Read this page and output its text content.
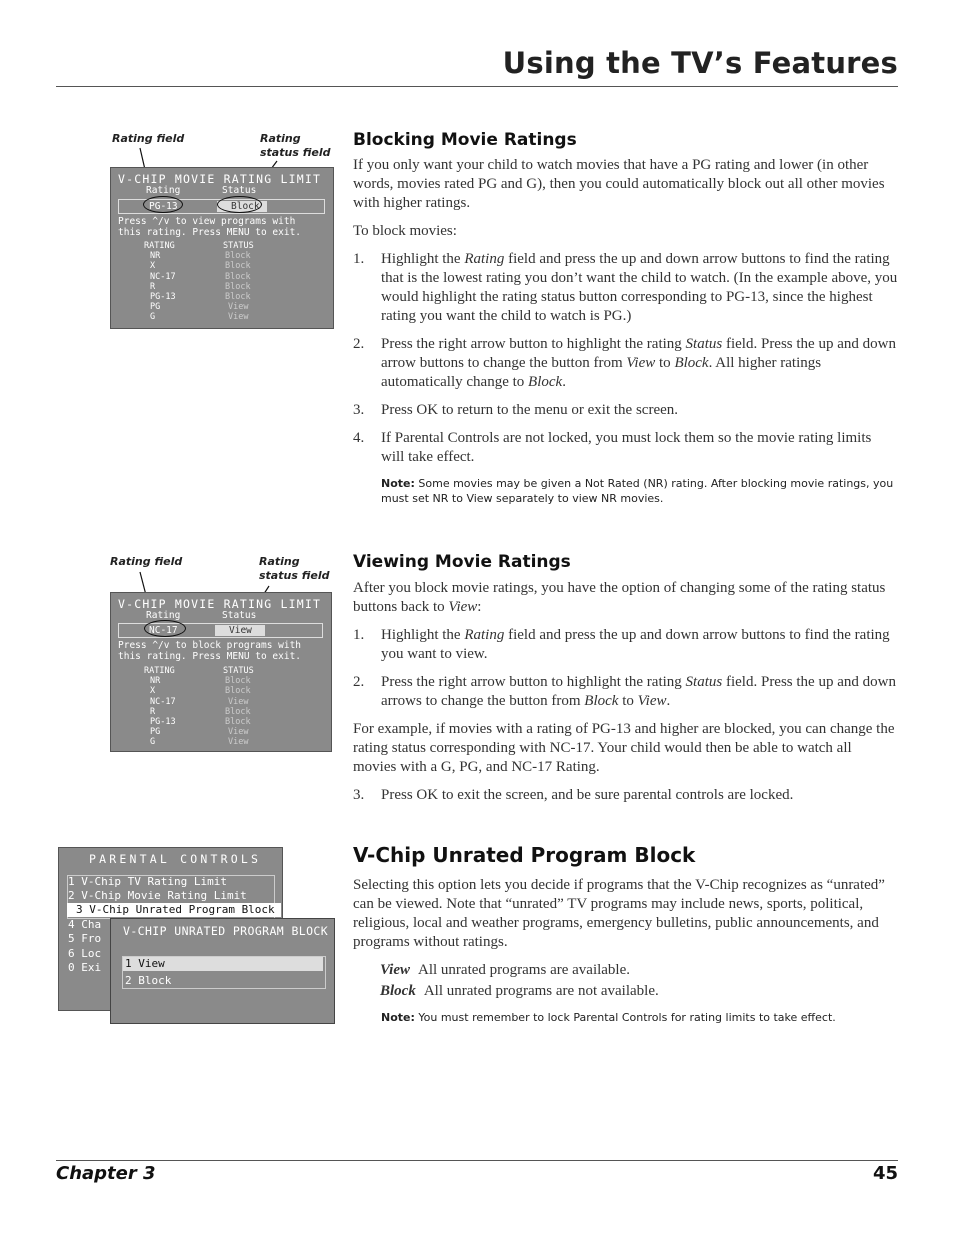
Using the TV’s Features
Rating field	Rating
status field
V-CHIP MOVIE RATING LIMIT
Rating	Status
PG-13	Block
Press ^/v to view programs with
this rating. Press MENU to exit.
RATING	STATUS
NR	Block
X	Block
NC-17	Block
R	Block
PG-13	Block
PG	View
G	View
Blocking Movie Ratings

If you only want your child to watch movies that have a PG rating and lower (in other words, movies rated PG and G), then you could automatically block out all other movies with higher ratings.

To block movies:

1. Highlight the Rating field and press the up and down arrow buttons to find the rating that is the lowest rating you don’t want the child to watch. (In the example above, you would highlight the rating status button corresponding to PG-13, since the highest rating you want the child to watch is PG.)
2. Press the right arrow button to highlight the rating Status field. Press the up and down arrow buttons to change the button from View to Block. All higher ratings automatically change to Block.
3. Press OK to return to the menu or exit the screen.
4. If Parental Controls are not locked, you must lock them so the movie rating limits will take effect.

Note: Some movies may be given a Not Rated (NR) rating. After blocking movie ratings, you must set NR to View separately to view NR movies.

Rating field	Rating
status field
V-CHIP MOVIE RATING LIMIT
Rating	Status
NC-17	View
Press ^/v to block programs with
this rating. Press MENU to exit.
RATING	STATUS
NR	Block
X	Block
NC-17	View
R	Block
PG-13	Block
PG	View
G	View
Viewing Movie Ratings

After you block movie ratings, you have the option of changing some of the rating status buttons back to View:

1. Highlight the Rating field and press the up and down arrow buttons to find the rating you want to view.
2. Press the right arrow button to highlight the rating Status field. Press the up and down arrows to change the button from Block to View.

For example, if movies with a rating of PG-13 and higher are blocked, you can change the rating status corresponding with NC-17. Your child would then be able to watch all movies with a G, PG, and NC-17 Rating.

3. Press OK to exit the screen, and be sure parental controls are locked.
PARENTAL CONTROLS
1 V-Chip TV Rating Limit
2 V-Chip Movie Rating Limit
3 V-Chip Unrated Program Block
4 Cha
5 Fro
6 Loc
0 Exi
V-CHIP UNRATED PROGRAM BLOCK
1 View
2 Block
V-Chip Unrated Program Block

Selecting this option lets you decide if programs that the V-Chip recognizes as “unrated” can be viewed. Note that “unrated” TV programs may include news, sports, political, religious, local and weather programs, emergency bulletins, public announcements, and programs without ratings.

View All unrated programs are available.

Block All unrated programs are not available.

Note: You must remember to lock Parental Controls for rating limits to take effect.

Chapter 3	45
